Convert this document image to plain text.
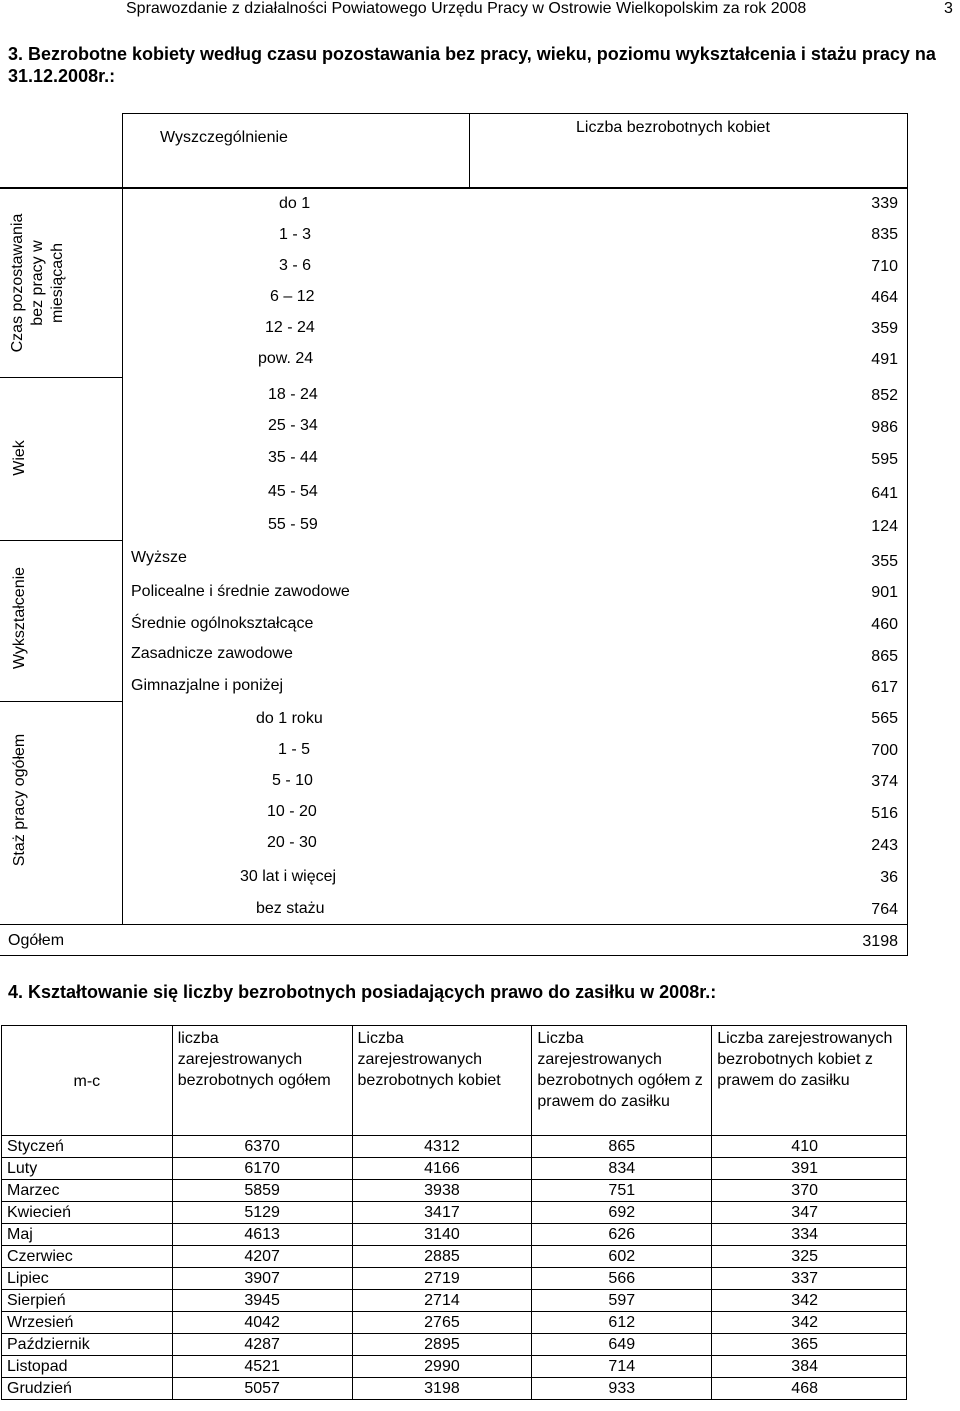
Sprawozdanie z działalności Powiatowego Urzędu Pracy w Ostrowie Wielkopolskim za rok 2008	3
3. Bezrobotne kobiety według czasu pozostawania bez pracy, wieku, poziomu wykształcenia i stażu pracy na 31.12.2008r.:
Wyszczególnienie
Liczba bezrobotnych kobiet
Czas pozostawania bez pracy w miesiącach
Wiek
Wykształcenie
Staż pracy ogółem
do 1	339
1 - 3	835
3 - 6	710
6 – 12	464
12 - 24	359
pow. 24	491
18 - 24	852
25 - 34	986
35 - 44	595
45 - 54	641
55 - 59	124
Wyższe	355
Policealne i średnie zawodowe	901
Średnie ogólnokształcące	460
Zasadnicze zawodowe	865
Gimnazjalne i poniżej	617
do 1 roku	565
1 - 5	700
5 - 10	374
10 - 20	516
20 - 30	243
30 lat i więcej	36
bez stażu	764
Ogółem	3198
4. Kształtowanie się liczby bezrobotnych posiadających prawo do zasiłku w 2008r.:
m-c	liczba zarejestrowanych bezrobotnych ogółem	Liczba zarejestrowanych bezrobotnych kobiet	Liczba zarejestrowanych bezrobotnych ogółem z prawem do zasiłku	Liczba zarejestrowanych bezrobotnych kobiet z prawem do zasiłku
Styczeń	6370	4312	865	410
Luty	6170	4166	834	391
Marzec	5859	3938	751	370
Kwiecień	5129	3417	692	347
Maj	4613	3140	626	334
Czerwiec	4207	2885	602	325
Lipiec	3907	2719	566	337
Sierpień	3945	2714	597	342
Wrzesień	4042	2765	612	342
Październik	4287	2895	649	365
Listopad	4521	2990	714	384
Grudzień	5057	3198	933	468
